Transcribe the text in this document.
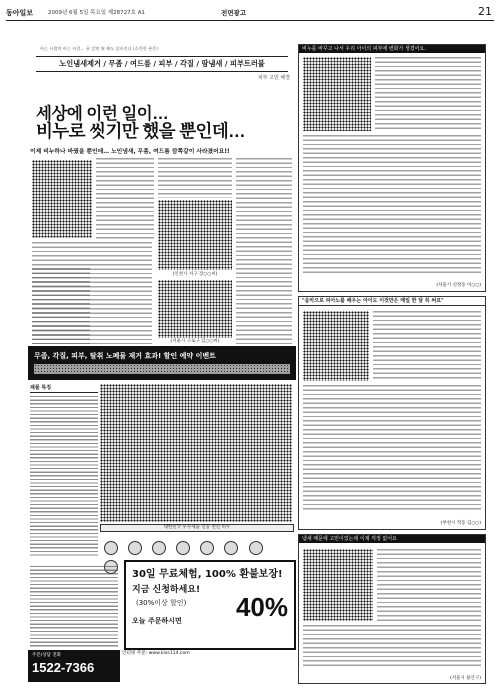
동아일보	2009년 6월 5일 목요일 제28727호 A1	전면광고	21
아는 사람만 아는 비결… 꿀 알면 뭘 해도 달라진다 (흐릿한 본문)
노인냄새제거 / 무좀 / 여드름 / 피부 / 각질 / 땀냄새 / 피부트러블
피부 고민 해결
세상에 이런 일이…
비누로 씻기만 했을 뿐인데…
이제 비누하나 바꿨을 뿐인데… 노인냄새, 무좀, 여드름 깜쪽같이 사라졌어요!!
(인천시 서구 장○○씨)
(서울시 구로구 김○○씨)
무좀, 각질, 피부, 탈취 노폐물 제거 효과! 할인 예약 이벤트
제품 특징
대한민국 우수제품 인증 천연 비누

30일 무료체험, 100% 환불보장!
지금 신청하세요!
(30%이상 할인)
오늘 주문하시면 40%
인터넷 주문: www.kiss114.com
주문/상담 전화
1522-7366
비누를 바꾸고 나서 우리 아이의 피부에 변화가 생겼어요.
(서울시 신정동 이○○)
"음악으로 피아노를 배우는 아이도 이것만은 매일 한 달 꼭 써요"
(부천시 작동 김○○)
냄새 때문에 고민이었는데 이제 걱정 없어요
(서울시 용산구)
